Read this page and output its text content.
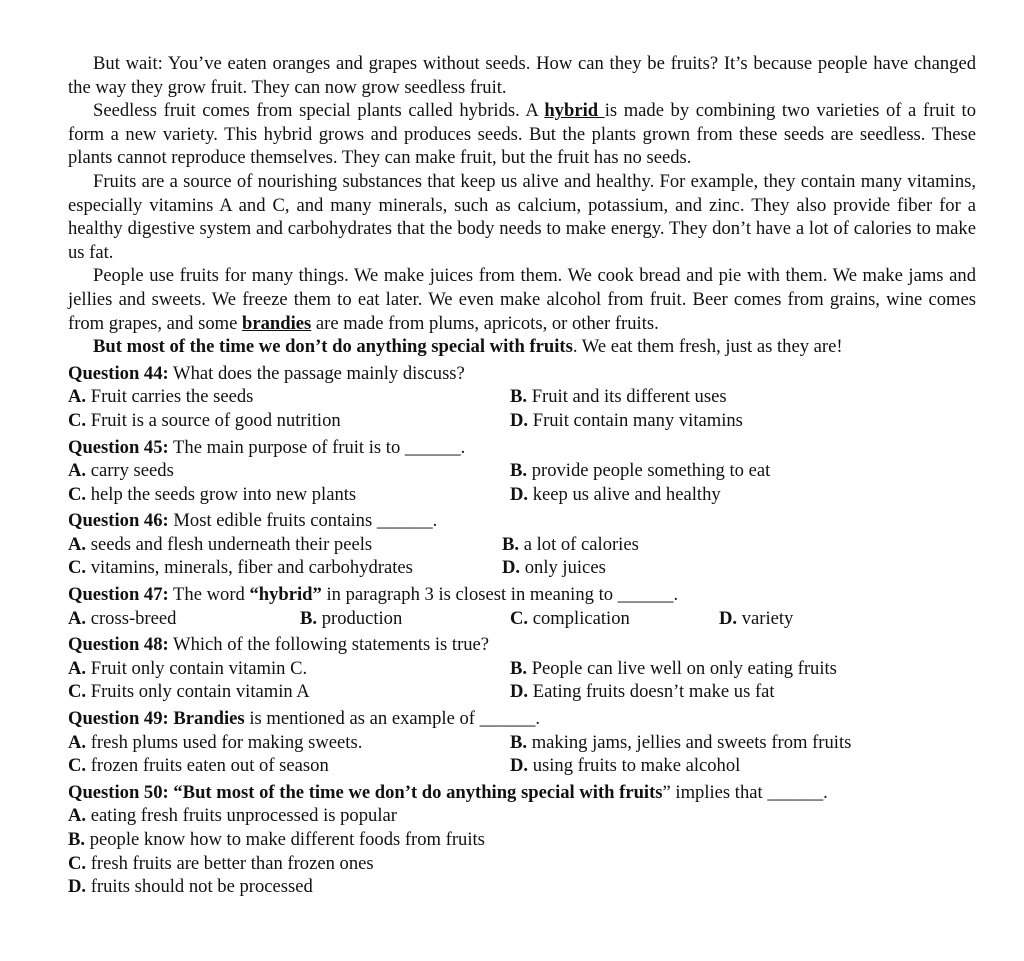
But wait: You’ve eaten oranges and grapes without seeds. How can they be fruits? It’s because people have changed the way they grow fruit. They can now grow seedless fruit.

Seedless fruit comes from special plants called hybrids. A hybrid is made by combining two varieties of a fruit to form a new variety. This hybrid grows and produces seeds. But the plants grown from these seeds are seedless. These plants cannot reproduce themselves. They can make fruit, but the fruit has no seeds.

Fruits are a source of nourishing substances that keep us alive and healthy. For example, they contain many vitamins, especially vitamins A and C, and many minerals, such as calcium, potassium, and zinc. They also provide fiber for a healthy digestive system and carbohydrates that the body needs to make energy. They don’t have a lot of calories to make us fat.

People use fruits for many things. We make juices from them. We cook bread and pie with them. We make jams and jellies and sweets. We freeze them to eat later. We even make alcohol from fruit. Beer comes from grains, wine comes from grapes, and some brandies are made from plums, apricots, or other fruits.

But most of the time we don’t do anything special with fruits. We eat them fresh, just as they are!

Question 44: What does the passage mainly discuss?
A. Fruit carries the seeds	B. Fruit and its different uses
C. Fruit is a source of good nutrition	D. Fruit contain many vitamins
Question 45: The main purpose of fruit is to ______.
A. carry seeds	B. provide people something to eat
C. help the seeds grow into new plants	D. keep us alive and healthy
Question 46: Most edible fruits contains ______.
A. seeds and flesh underneath their peels	B. a lot of calories
C. vitamins, minerals, fiber and carbohydrates	D. only juices
Question 47: The word “hybrid” in paragraph 3 is closest in meaning to ______.
A. cross-breed	B. production	C. complication	D. variety
Question 48: Which of the following statements is true?
A. Fruit only contain vitamin C.	B. People can live well on only eating fruits
C. Fruits only contain vitamin A	D. Eating fruits doesn’t make us fat
Question 49: Brandies is mentioned as an example of ______.
A. fresh plums used for making sweets.	B. making jams, jellies and sweets from fruits
C. frozen fruits eaten out of season	D. using fruits to make alcohol
Question 50: “But most of the time we don’t do anything special with fruits” implies that ______.
A. eating fresh fruits unprocessed is popular
B. people know how to make different foods from fruits
C. fresh fruits are better than frozen ones
D. fruits should not be processed
